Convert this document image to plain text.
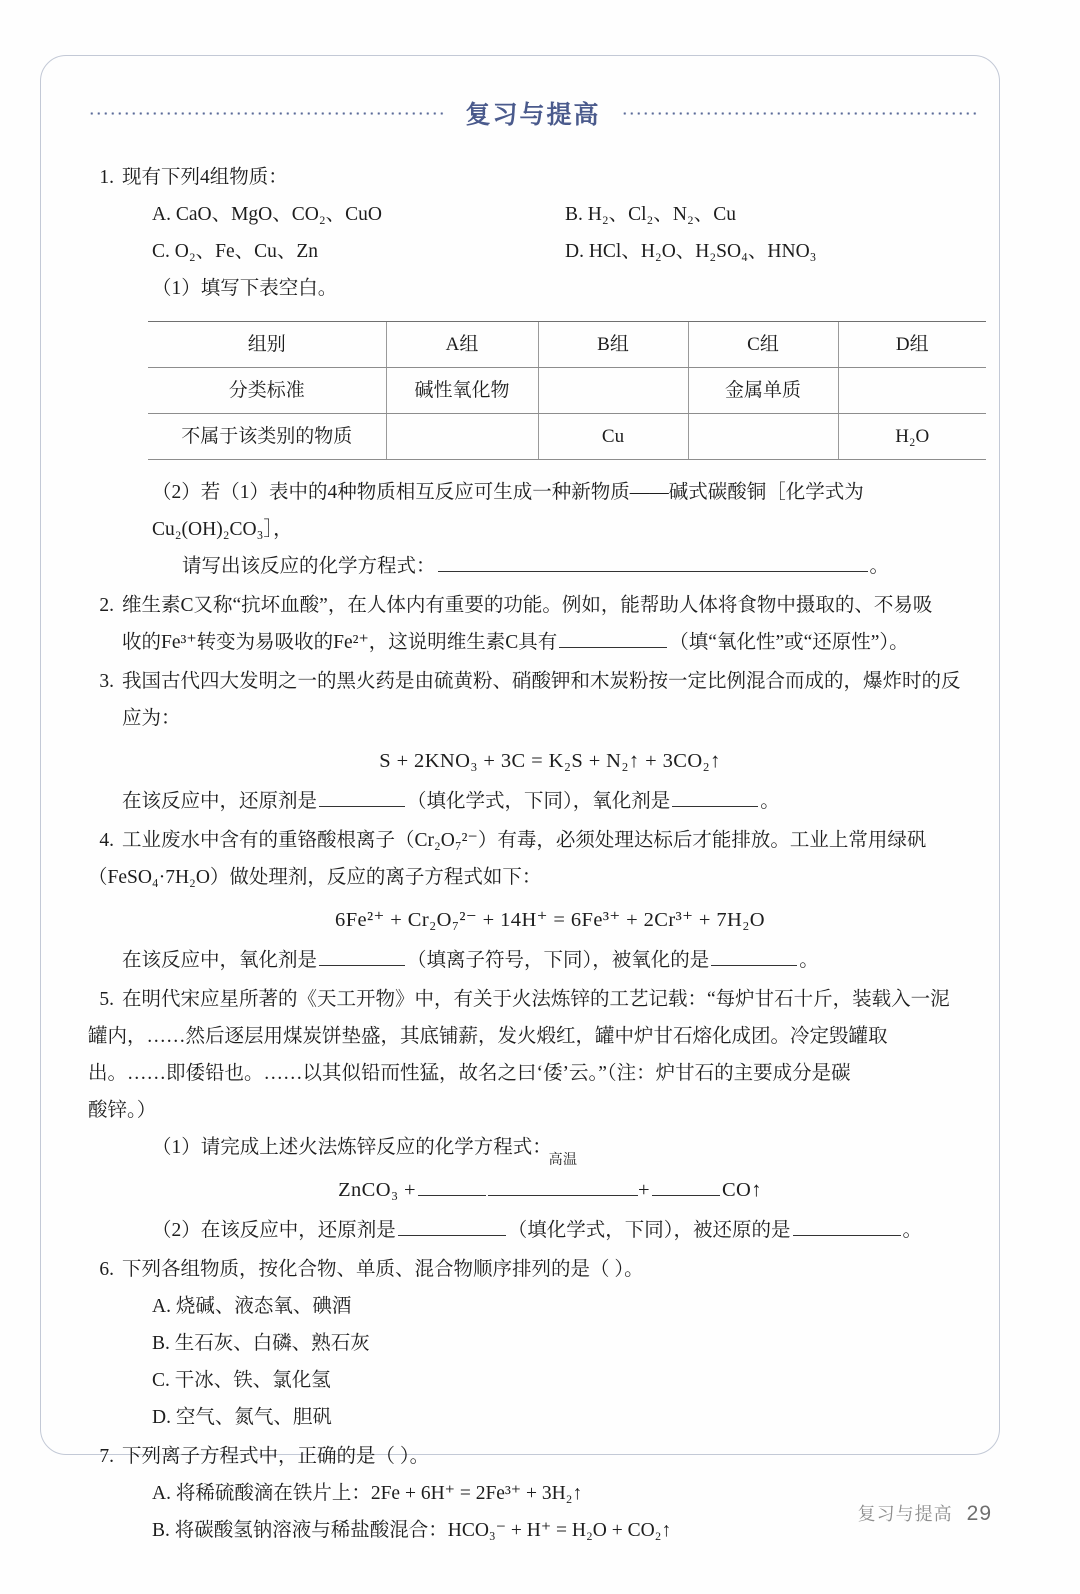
复习与提高
1. 现有下列4组物质：
A. CaO、MgO、CO₂、CuO	B. H₂、Cl₂、N₂、Cu
C. O₂、Fe、Cu、Zn	D. HCl、H₂O、H₂SO₄、HNO₃
（1）填写下表空白。
组别	A组	B组	C组	D组
分类标准	碱性氧化物		金属单质	
不属于该类别的物质		Cu		H₂O
（2）若（1）表中的4种物质相互反应可生成一种新物质——碱式碳酸铜［化学式为Cu₂(OH)₂CO₃］，
请写出该反应的化学方程式：	。
2. 维生素C又称“抗坏血酸”，在人体内有重要的功能。例如，能帮助人体将食物中摄取的、不易吸
收的Fe³⁺转变为易吸收的Fe²⁺，这说明维生素C具有	（填“氧化性”或“还原性”）。
3. 我国古代四大发明之一的黑火药是由硫黄粉、硝酸钾和木炭粉按一定比例混合而成的，爆炸时的反
应为：
S + 2KNO₃ + 3C = K₂S + N₂↑ + 3CO₂↑
在该反应中，还原剂是	（填化学式，下同），氧化剂是	。
4. 工业废水中含有的重铬酸根离子（Cr₂O₇²⁻）有毒，必须处理达标后才能排放。工业上常用绿矾
（FeSO₄·7H₂O）做处理剂，反应的离子方程式如下：
6Fe²⁺ + Cr₂O₇²⁻ + 14H⁺ = 6Fe³⁺ + 2Cr³⁺ + 7H₂O
在该反应中，氧化剂是	（填离子符号，下同），被氧化的是	。
5. 在明代宋应星所著的《天工开物》中，有关于火法炼锌的工艺记载：“每炉甘石十斤，装载入一泥
罐内，……然后逐层用煤炭饼垫盛，其底铺薪，发火煅红，罐中炉甘石熔化成团。冷定毁罐取
出。……即倭铅也。……以其似铅而性猛，故名之曰‘倭’云。”（注：炉甘石的主要成分是碳
酸锌。）
（1）请完成上述火法炼锌反应的化学方程式：
ZnCO₃ +
高温
+	CO↑
（2）在该反应中，还原剂是	（填化学式，下同），被还原的是	。
6. 下列各组物质，按化合物、单质、混合物顺序排列的是（ ）。
A. 烧碱、液态氧、碘酒
B. 生石灰、白磷、熟石灰
C. 干冰、铁、氯化氢
D. 空气、氮气、胆矾
7. 下列离子方程式中，正确的是（ ）。
A. 将稀硫酸滴在铁片上：2Fe + 6H⁺ = 2Fe³⁺ + 3H₂↑
B. 将碳酸氢钠溶液与稀盐酸混合：HCO₃⁻ + H⁺ = H₂O + CO₂↑
复习与提高 29
